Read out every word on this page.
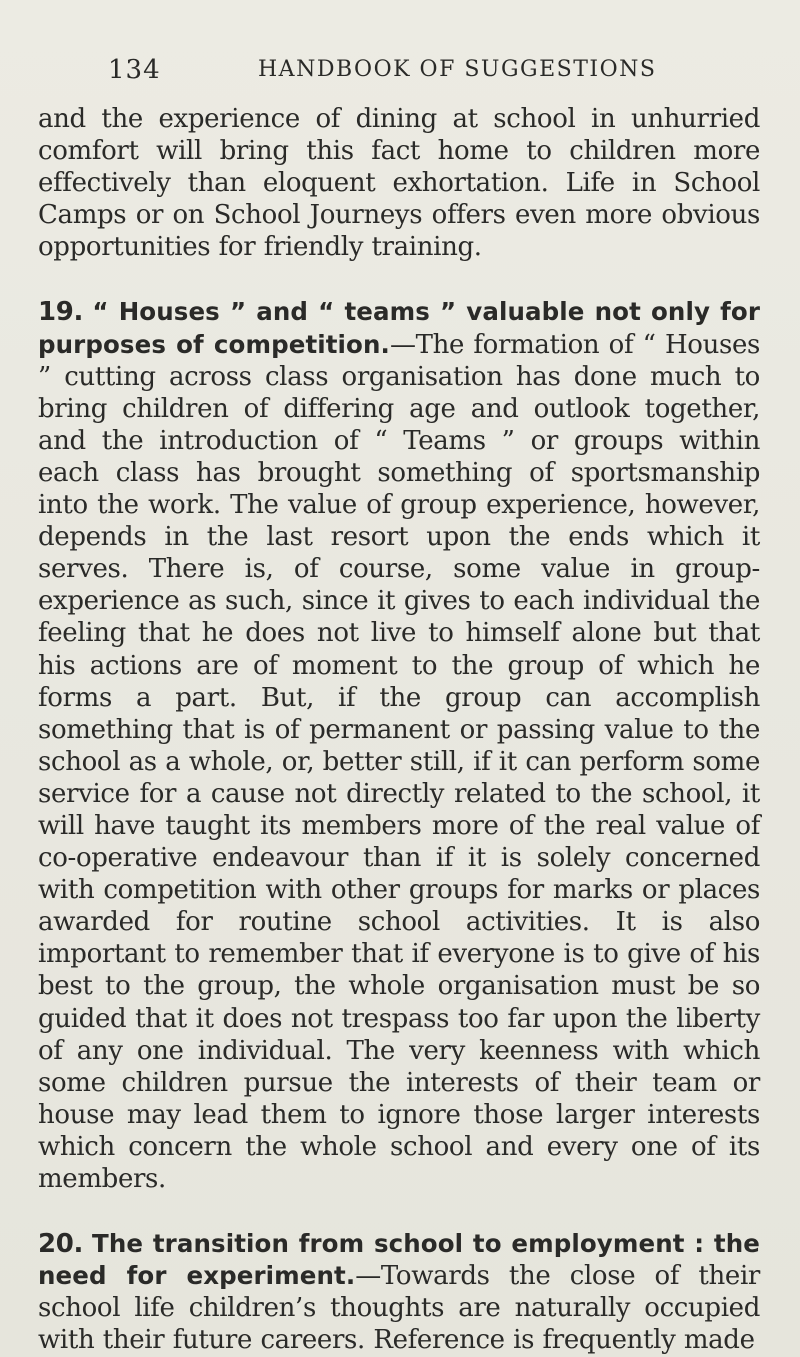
134	HANDBOOK OF SUGGESTIONS

and the experience of dining at school in unhurried comfort will bring this fact home to children more effectively than eloquent exhortation. Life in School Camps or on School Journeys offers even more obvious opportunities for friendly training.

19. “ Houses ” and “ teams ” valuable not only for purposes of competition.—The formation of “ Houses ” cutting across class organisation has done much to bring children of differing age and outlook together, and the introduction of “ Teams ” or groups within each class has brought something of sportsmanship into the work. The value of group experience, however, depends in the last resort upon the ends which it serves. There is, of course, some value in group-experience as such, since it gives to each individual the feeling that he does not live to himself alone but that his actions are of moment to the group of which he forms a part. But, if the group can accomplish something that is of permanent or passing value to the school as a whole, or, better still, if it can perform some service for a cause not directly related to the school, it will have taught its members more of the real value of co-operative endeavour than if it is solely concerned with competition with other groups for marks or places awarded for routine school activities. It is also important to remember that if everyone is to give of his best to the group, the whole organisation must be so guided that it does not trespass too far upon the liberty of any one individual. The very keenness with which some children pursue the interests of their team or house may lead them to ignore those larger interests which concern the whole school and every one of its members.

20. The transition from school to employment : the need for experiment.—Towards the close of their school life children’s thoughts are naturally occupied with their future careers. Reference is frequently made
